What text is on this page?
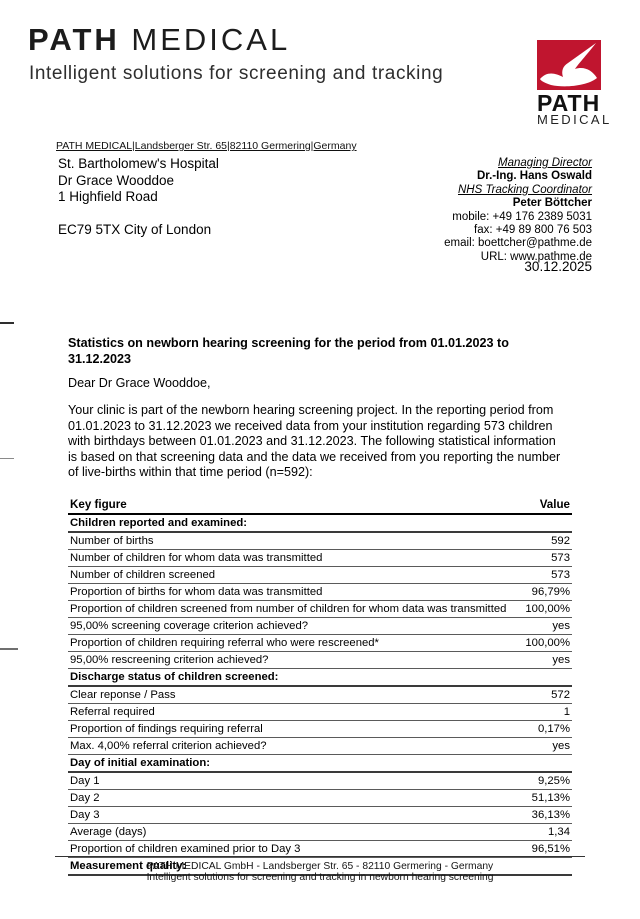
PATH MEDICAL
Intelligent solutions for screening and tracking
PATH
MEDICAL
PATH MEDICAL|Landsberger Str. 65|82110 Germering|Germany
St. Bartholomew's Hospital
Dr Grace Wooddoe
1 Highfield Road
EC79 5TX City of London
Managing Director
Dr.-Ing. Hans Oswald
NHS Tracking Coordinator
Peter Böttcher
mobile: +49 176 2389 5031
fax: +49 89 800 76 503
email: boettcher@pathme.de
URL: www.pathme.de
30.12.2025
Statistics on newborn hearing screening for the period from 01.01.2023 to
31.12.2023
Dear Dr Grace Wooddoe,
Your clinic is part of the newborn hearing screening project. In the reporting period from
01.01.2023 to 31.12.2023 we received data from your institution regarding 573 children
with birthdays between 01.01.2023 and 31.12.2023. The following statistical information
is based on that screening data and the data we received from you reporting the number
of live-births within that time period (n=592):
Key figure	Value
Children reported and examined:
Number of births	592
Number of children for whom data was transmitted	573
Number of children screened	573
Proportion of births for whom data was transmitted	96,79%
Proportion of children screened from number of children for whom data was transmitted 100,00%
95,00% screening coverage criterion achieved?	yes
Proportion of children requiring referral who were rescreened*	100,00%
95,00% rescreening criterion achieved?	yes
Discharge status of children screened:
Clear reponse / Pass	572
Referral required	1
Proportion of findings requiring referral	0,17%
Max. 4,00% referral criterion achieved?	yes
Day of initial examination:
Day 1	9,25%
Day 2	51,13%
Day 3	36,13%
Average (days)	1,34
Proportion of children examined prior to Day 3	96,51%
Measurement quality:
PATH MEDICAL GmbH - Landsberger Str. 65 - 82110 Germering - Germany
Intelligent solutions for screening and tracking in newborn hearing screening
